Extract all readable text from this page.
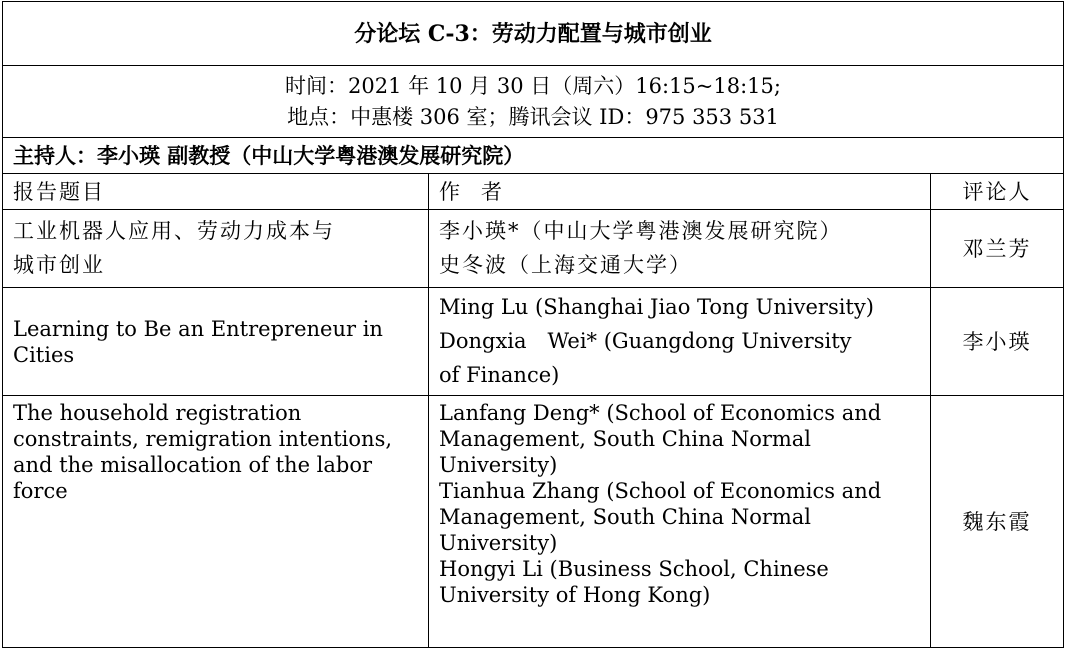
分论坛 C-3：劳动力配置与城市创业
时间：2021 年 10 月 30 日（周六）16:15~18:15;
地点：中惠楼 306 室；腾讯会议 ID：975 353 531
主持人：李小瑛 副教授（中山大学粤港澳发展研究院）
报告题目	作　者	评论人
工业机器人应用、劳动力成本与
城市创业
李小瑛*（中山大学粤港澳发展研究院）
史冬波（上海交通大学）
邓兰芳
Learning to Be an Entrepreneur in
Cities
Ming Lu (Shanghai Jiao Tong University)
Dongxia　Wei* (Guangdong University
of Finance)
李小瑛
The household registration
constraints, remigration intentions,
and the misallocation of the labor
force
Lanfang Deng* (School of Economics and
Management, South China Normal
University)
Tianhua Zhang (School of Economics and
Management, South China Normal
University)
Hongyi Li (Business School, Chinese
University of Hong Kong)
魏东霞
